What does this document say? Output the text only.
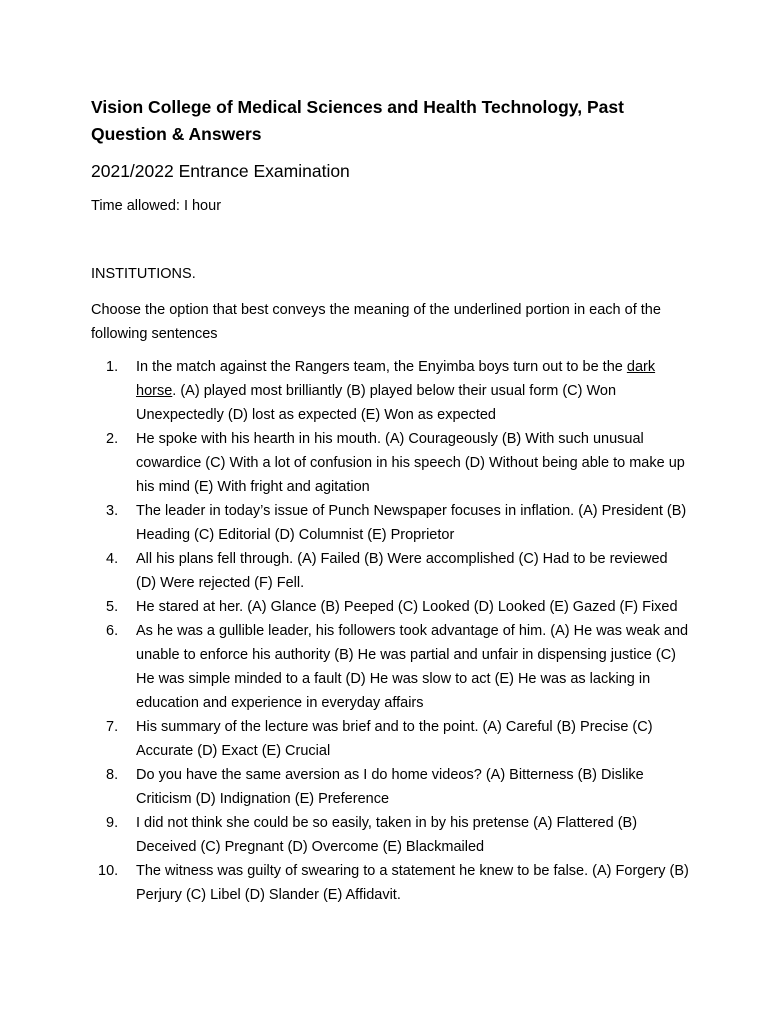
Vision College of Medical Sciences and Health Technology, Past Question & Answers

2021/2022 Entrance Examination

Time allowed: I hour

INSTITUTIONS.

Choose the option that best conveys the meaning of the underlined portion in each of the following sentences

1. In the match against the Rangers team, the Enyimba boys turn out to be the dark horse. (A) played most brilliantly (B) played below their usual form (C) Won Unexpectedly (D) lost as expected (E) Won as expected
2. He spoke with his hearth in his mouth. (A) Courageously (B) With such unusual cowardice (C) With a lot of confusion in his speech (D) Without being able to make up his mind (E) With fright and agitation
3. The leader in today’s issue of Punch Newspaper focuses in inflation. (A) President (B) Heading (C) Editorial (D) Columnist (E) Proprietor
4. All his plans fell through. (A) Failed (B) Were accomplished (C) Had to be reviewed (D) Were rejected (F) Fell.
5. He stared at her. (A) Glance (B) Peeped (C) Looked (D) Looked (E) Gazed (F) Fixed
6. As he was a gullible leader, his followers took advantage of him. (A) He was weak and unable to enforce his authority (B) He was partial and unfair in dispensing justice (C) He was simple minded to a fault (D) He was slow to act (E) He was as lacking in education and experience in everyday affairs
7. His summary of the lecture was brief and to the point. (A) Careful (B) Precise (C) Accurate (D) Exact (E) Crucial
8. Do you have the same aversion as I do home videos? (A) Bitterness (B) Dislike Criticism (D) Indignation (E) Preference
9. I did not think she could be so easily, taken in by his pretense (A) Flattered (B) Deceived (C) Pregnant (D) Overcome (E) Blackmailed
10. The witness was guilty of swearing to a statement he knew to be false. (A) Forgery (B) Perjury (C) Libel (D) Slander (E) Affidavit.
